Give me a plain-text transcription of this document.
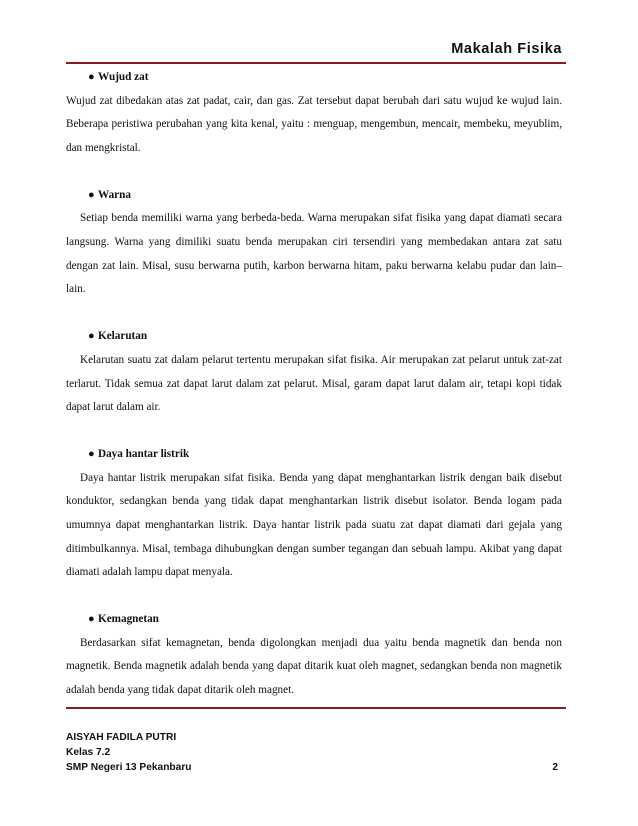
Makalah Fisika
● Wujud zat

Wujud zat dibedakan atas zat padat, cair, dan gas. Zat tersebut dapat berubah dari satu wujud ke wujud lain. Beberapa peristiwa perubahan yang kita kenal, yaitu : menguap, mengembun, mencair, membeku, meyublim, dan mengkristal.

● Warna

Setiap benda memiliki warna yang berbeda-beda. Warna merupakan sifat fisika yang dapat diamati secara langsung. Warna yang dimiliki suatu benda merupakan ciri tersendiri yang membedakan antara zat satu dengan zat lain. Misal, susu berwarna putih, karbon berwarna hitam, paku berwarna kelabu pudar dan lain–lain.

● Kelarutan

Kelarutan suatu zat dalam pelarut tertentu merupakan sifat fisika. Air merupakan zat pelarut untuk zat-zat terlarut. Tidak semua zat dapat larut dalam zat pelarut. Misal, garam dapat larut dalam air, tetapi kopi tidak dapat larut dalam air.

● Daya hantar listrik

Daya hantar listrik merupakan sifat fisika. Benda yang dapat menghantarkan listrik dengan baik disebut konduktor, sedangkan benda yang tidak dapat menghantarkan listrik disebut isolator. Benda logam pada umumnya dapat menghantarkan listrik. Daya hantar listrik pada suatu zat dapat diamati dari gejala yang ditimbulkannya. Misal, tembaga dihubungkan dengan sumber tegangan dan sebuah lampu. Akibat yang dapat diamati adalah lampu dapat menyala.

● Kemagnetan

Berdasarkan sifat kemagnetan, benda digolongkan menjadi dua yaitu benda magnetik dan benda non magnetik. Benda magnetik adalah benda yang dapat ditarik kuat oleh magnet, sedangkan benda non magnetik adalah benda yang tidak dapat ditarik oleh magnet.

AISYAH FADILA PUTRI
Kelas 7.2
SMP Negeri 13 Pekanbaru	2
